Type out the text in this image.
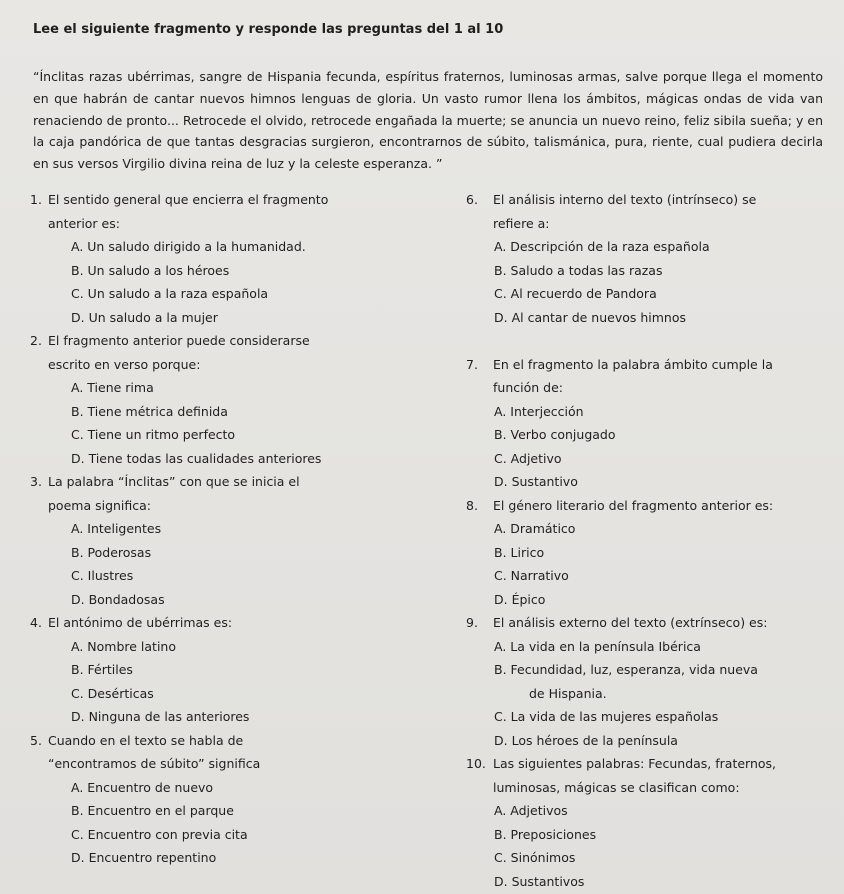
Lee el siguiente fragmento y responde las preguntas del 1 al 10
“Ínclitas razas ubérrimas, sangre de Hispania fecunda, espíritus fraternos, luminosas armas, salve porque llega el momento en que habrán de cantar nuevos himnos lenguas de gloria. Un vasto rumor llena los ámbitos, mágicas ondas de vida van renaciendo de pronto... Retrocede el olvido, retrocede engañada la muerte; se anuncia un nuevo reino, feliz sibila sueña; y en la caja pandórica de que tantas desgracias surgieron, encontrarnos de súbito, talismánica, pura, riente, cual pudiera decirla en sus versos Virgilio divina reina de luz y la celeste esperanza. ”
1. El sentido general que encierra el fragmento
anterior es:
A. Un saludo dirigido a la humanidad.
B. Un saludo a los héroes
C. Un saludo a la raza española
D. Un saludo a la mujer
2. El fragmento anterior puede considerarse
escrito en verso porque:
A. Tiene rima
B. Tiene métrica definida
C. Tiene un ritmo perfecto
D. Tiene todas las cualidades anteriores
3. La palabra “Ínclitas” con que se inicia el
poema significa:
A. Inteligentes
B. Poderosas
C. Ilustres
D. Bondadosas
4. El antónimo de ubérrimas es:
A. Nombre latino
B. Fértiles
C. Desérticas
D. Ninguna de las anteriores
5. Cuando en el texto se habla de
“encontramos de súbito” significa
A. Encuentro de nuevo
B. Encuentro en el parque
C. Encuentro con previa cita
D. Encuentro repentino
6. El análisis interno del texto (intrínseco) se
refiere a:
A. Descripción de la raza española
B. Saludo a todas las razas
C. Al recuerdo de Pandora
D. Al cantar de nuevos himnos
7. En el fragmento la palabra ámbito cumple la
función de:
A. Interjección
B. Verbo conjugado
C. Adjetivo
D. Sustantivo
8. El género literario del fragmento anterior es:
A. Dramático
B. Lirico
C. Narrativo
D. Épico
9. El análisis externo del texto (extrínseco) es:
A. La vida en la península Ibérica
B. Fecundidad, luz, esperanza, vida nueva
de Hispania.
C. La vida de las mujeres españolas
D. Los héroes de la península
10. Las siguientes palabras: Fecundas, fraternos,
luminosas, mágicas se clasifican como:
A. Adjetivos
B. Preposiciones
C. Sinónimos
D. Sustantivos
